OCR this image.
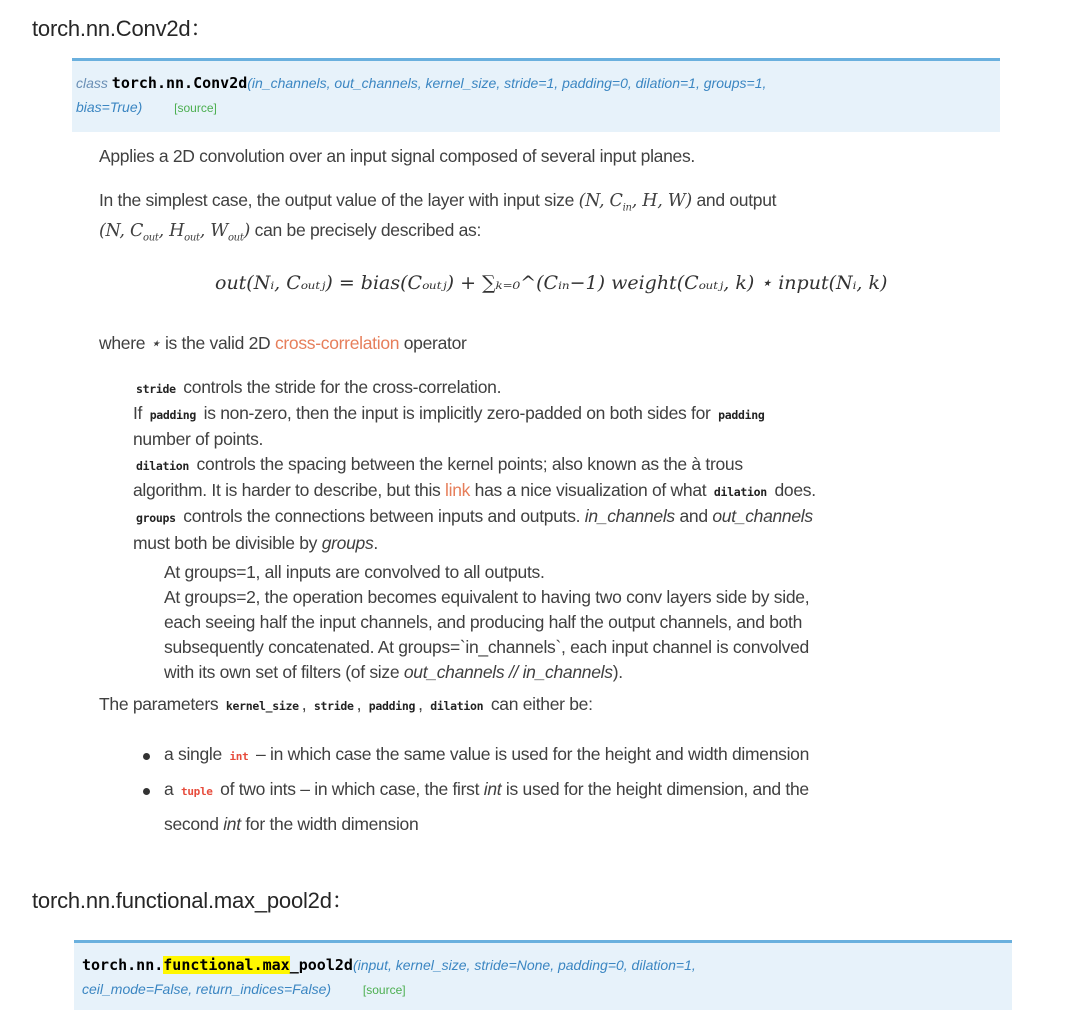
torch.nn.Conv2d：
class torch.nn.Conv2d(in_channels, out_channels, kernel_size, stride=1, padding=0, dilation=1, groups=1,
bias=True)	[source]
Applies a 2D convolution over an input signal composed of several input planes.
In the simplest case, the output value of the layer with input size (N, $C_{in}$, H, W) and output
(N, $C_{out}$, $H_{out}$, $W_{out}$) can be precisely described as:
out(Nᵢ, Cₒᵤₜⱼ) = bias(Cₒᵤₜⱼ) + ∑ₖ₌₀^(Cᵢₙ−1) weight(Cₒᵤₜⱼ, k) ⋆ input(Nᵢ, k)
where ⋆ is the valid 2D cross-correlation operator
stride controls the stride for the cross-correlation.
If padding is non-zero, then the input is implicitly zero-padded on both sides for padding
number of points.
dilation controls the spacing between the kernel points; also known as the à trous
algorithm. It is harder to describe, but this link has a nice visualization of what dilation does.
groups controls the connections between inputs and outputs. in_channels and out_channels
must both be divisible by groups.
At groups=1, all inputs are convolved to all outputs.
At groups=2, the operation becomes equivalent to having two conv layers side by side,
each seeing half the input channels, and producing half the output channels, and both
subsequently concatenated. At groups=`in_channels`, each input channel is convolved
with its own set of filters (of size out_channels // in_channels).
The parameters kernel_size , stride , padding , dilation can either be:
a single int – in which case the same value is used for the height and width dimension
a tuple of two ints – in which case, the first int is used for the height dimension, and the
second int for the width dimension
torch.nn.functional.max_pool2d：
torch.nn.functional.max_pool2d(input, kernel_size, stride=None, padding=0, dilation=1,
ceil_mode=False, return_indices=False)	[source]
